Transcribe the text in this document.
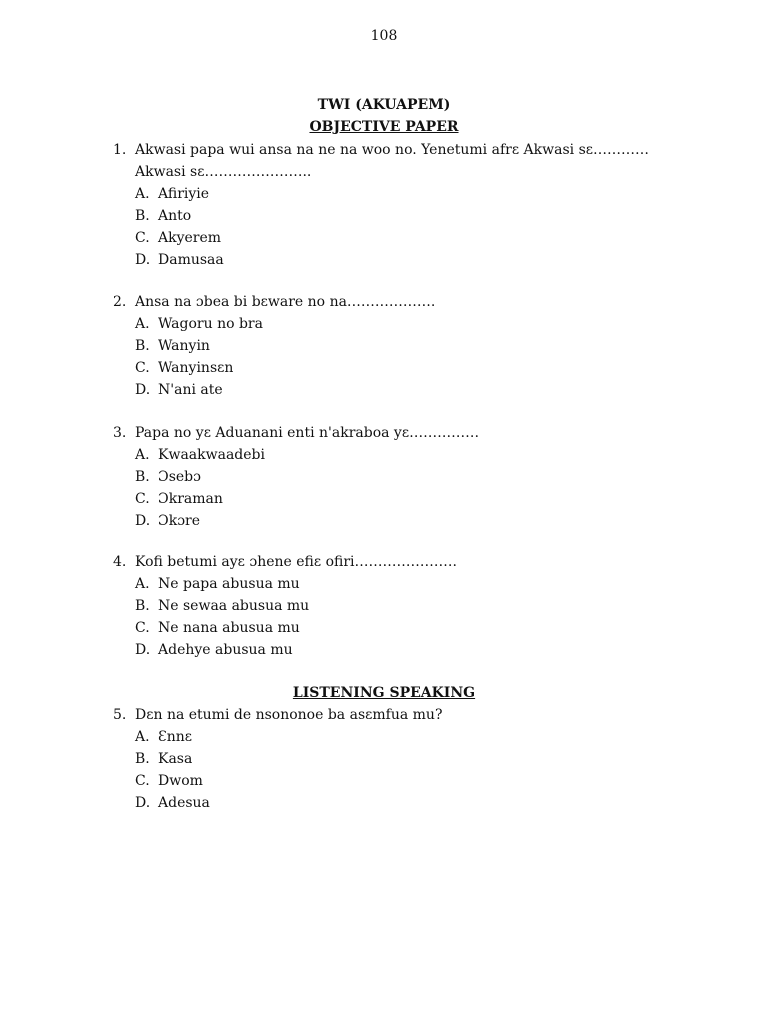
108
TWI (AKUAPEM)
OBJECTIVE PAPER
1. Akwasi papa wui ansa na ne na woo no. Yenetumi afrɛ Akwasi sɛ…………
Akwasi sɛ…………………..
A. Afiriyie
B. Anto
C. Akyerem
D. Damusaa
2. Ansa na ɔbea bi bɛware no na……………….
A. Wagoru no bra
B. Wanyin
C. Wanyinsɛn
D. N'ani ate
3. Papa no yɛ Aduanani enti n'akraboa yɛ……………
A. Kwaakwaadebi
B. Ɔsebɔ
C. Ɔkraman
D. Ɔkɔre
4. Kofi betumi ayɛ ɔhene efiɛ ofiri………………….
A. Ne papa abusua mu
B. Ne sewaa abusua mu
C. Ne nana abusua mu
D. Adehye abusua mu
LISTENING SPEAKING
5. Dɛn na etumi de nsononoe ba asɛmfua mu?
A. Ɛnnɛ
B. Kasa
C. Dwom
D. Adesua
